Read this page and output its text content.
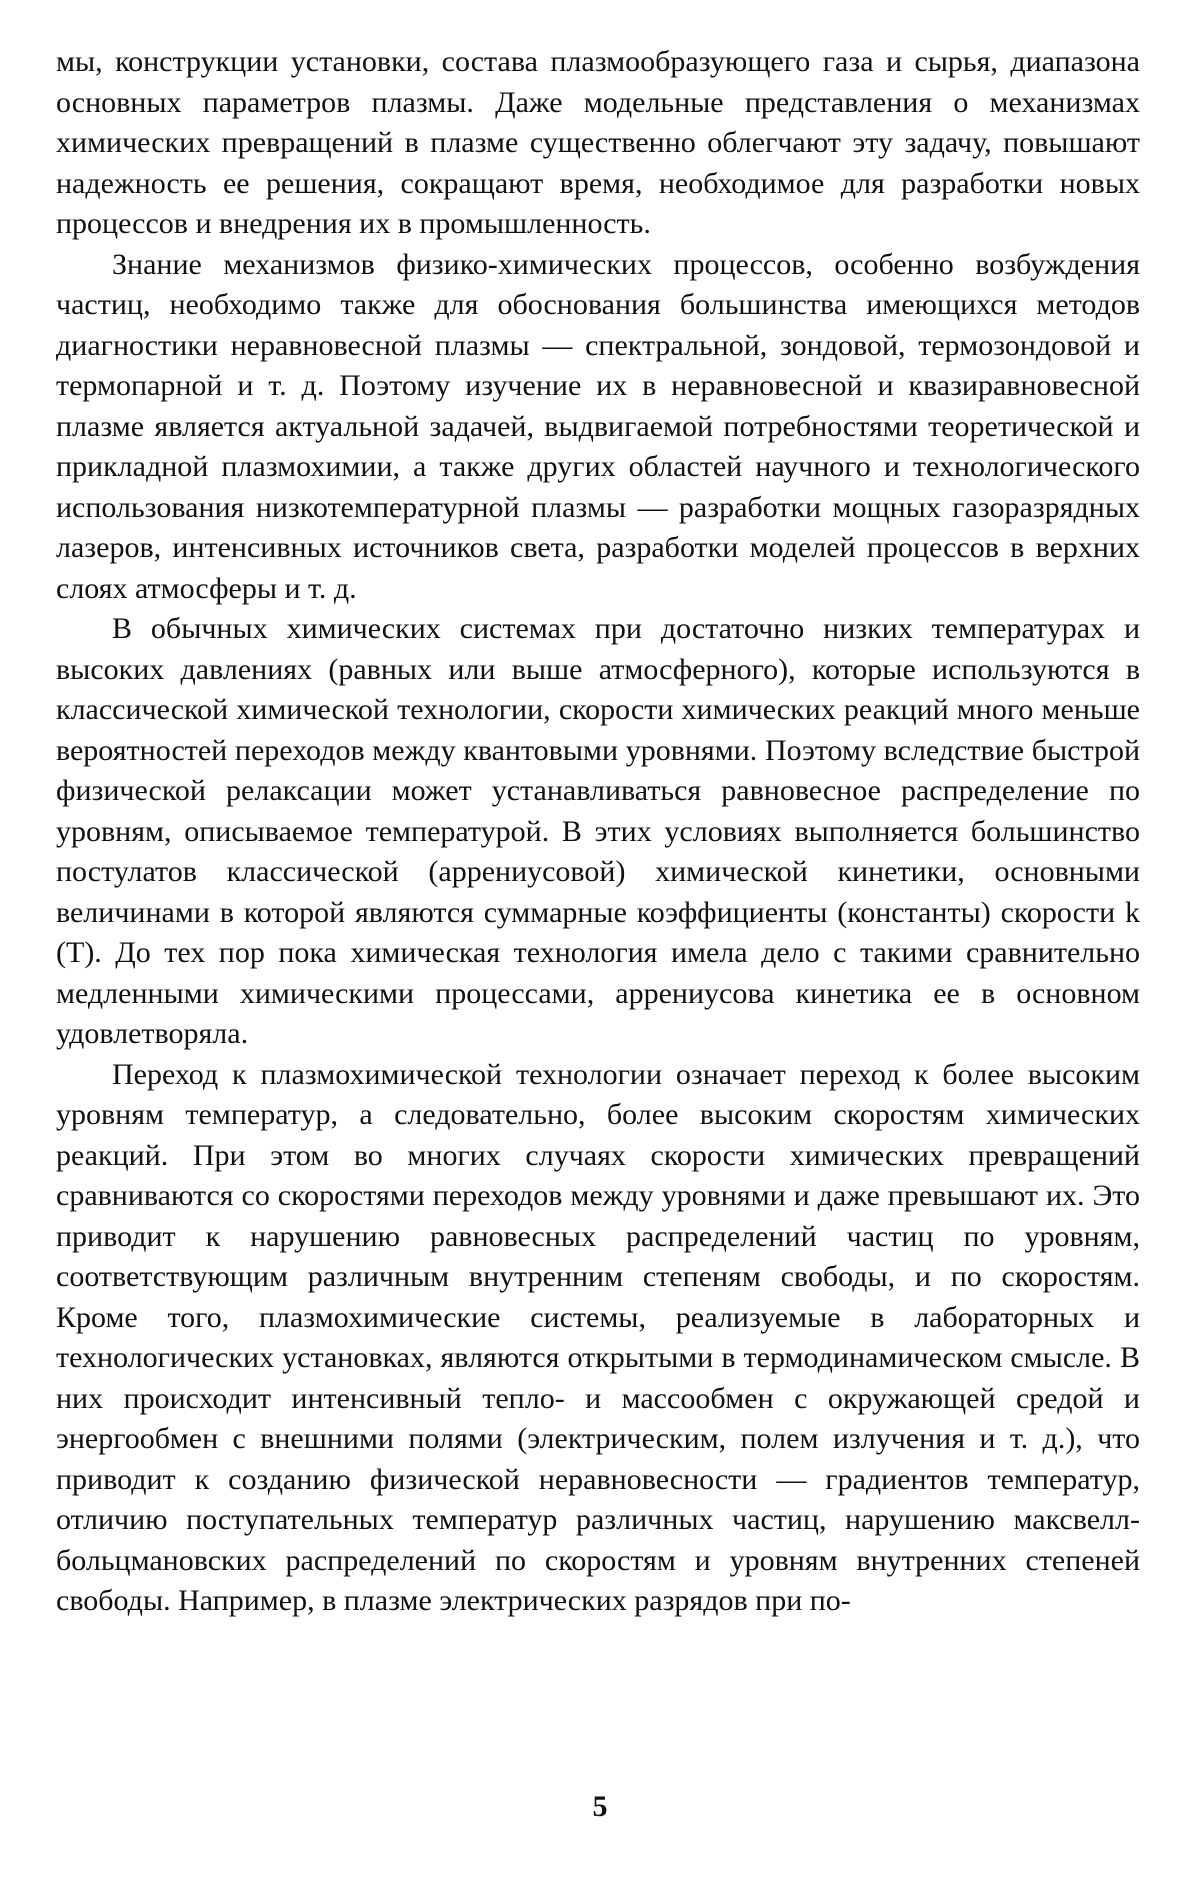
мы, конструкции установки, состава плазмообразующего газа и сырья, диапазона основных параметров плазмы. Даже модельные представления о механизмах химических превращений в плазме существенно облегчают эту задачу, повышают надежность ее решения, сокращают время, необходимое для разработки новых процессов и внедрения их в промышленность.

Знание механизмов физико-химических процессов, особенно возбуждения частиц, необходимо также для обоснования большинства имеющихся методов диагностики неравновесной плазмы — спектральной, зондовой, термозондовой и термопарной и т. д. Поэтому изучение их в неравновесной и квазиравновесной плазме является актуальной задачей, выдвигаемой потребностями теоретической и прикладной плазмохимии, а также других областей научного и технологического использования низкотемпературной плазмы — разработки мощных газоразрядных лазеров, интенсивных источников света, разработки моделей процессов в верхних слоях атмосферы и т. д.

В обычных химических системах при достаточно низких температурах и высоких давлениях (равных или выше атмосферного), которые используются в классической химической технологии, скорости химических реакций много меньше вероятностей переходов между квантовыми уровнями. Поэтому вследствие быстрой физической релаксации может устанавливаться равновесное распределение по уровням, описываемое температурой. В этих условиях выполняется большинство постулатов классической (аррениусовой) химической кинетики, основными величинами в которой являются суммарные коэффициенты (константы) скорости k (T). До тех пор пока химическая технология имела дело с такими сравнительно медленными химическими процессами, аррениусова кинетика ее в основном удовлетворяла.

Переход к плазмохимической технологии означает переход к более высоким уровням температур, а следовательно, более высоким скоростям химических реакций. При этом во многих случаях скорости химических превращений сравниваются со скоростями переходов между уровнями и даже превышают их. Это приводит к нарушению равновесных распределений частиц по уровням, соответствующим различным внутренним степеням свободы, и по скоростям. Кроме того, плазмохимические системы, реализуемые в лабораторных и технологических установках, являются открытыми в термодинамическом смысле. В них происходит интенсивный тепло- и массообмен с окружающей средой и энергообмен с внешними полями (электрическим, полем излучения и т. д.), что приводит к созданию физической неравновесности — градиентов температур, отличию поступательных температур различных частиц, нарушению максвелл-больцмановских распределений по скоростям и уровням внутренних степеней свободы. Например, в плазме электрических разрядов при по-

5
